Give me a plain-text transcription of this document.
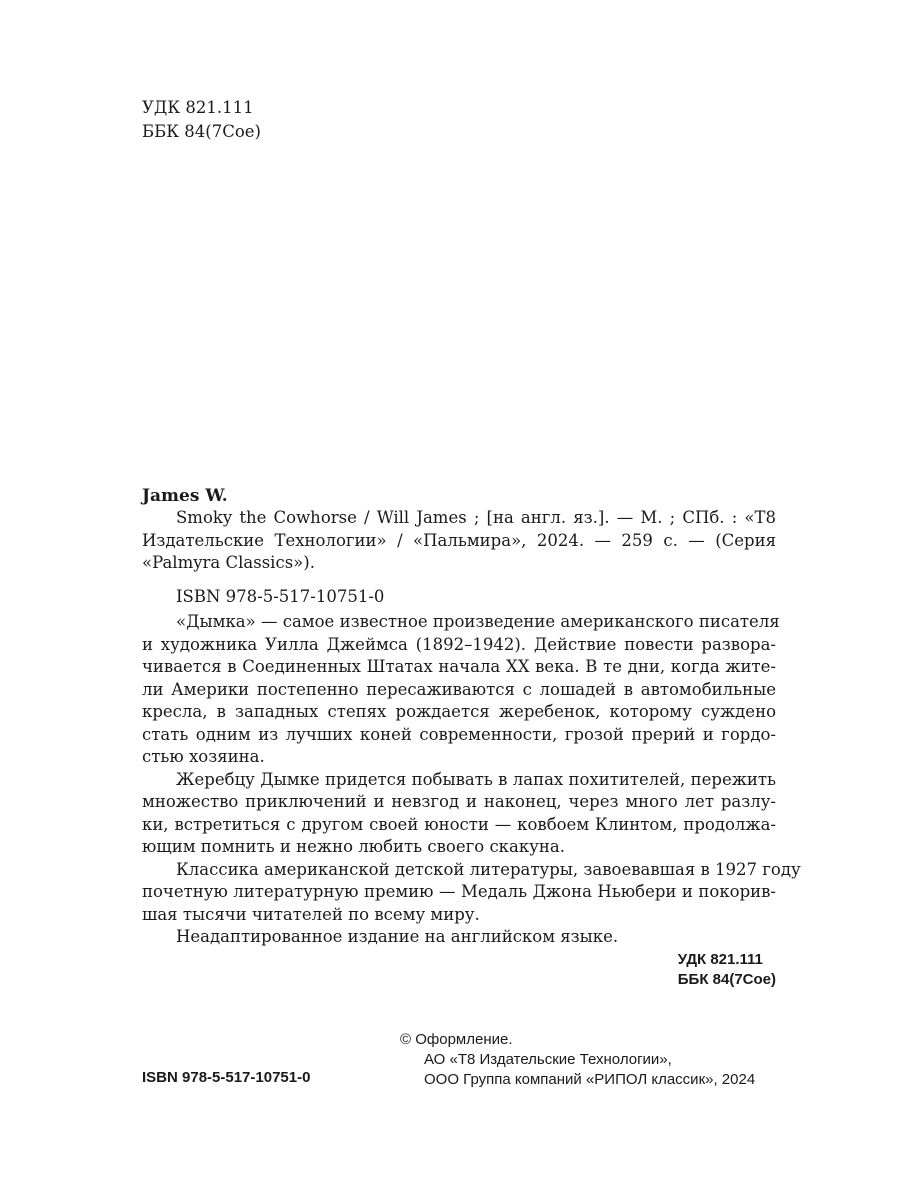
УДК 821.111
ББК 84(7Сое)
James W.
Smoky the Cowhorse / Will James ; [на англ. яз.]. — М. ; СПб. : «Т8
Издательские Технологии» / «Пальмира», 2024. — 259 с. — (Серия
«Palmyra Classics»).
ISBN 978-5-517-10751-0
«Дымка» — самое известное произведение американского писателя
и художника Уилла Джеймса (1892–1942). Действие повести развора-
чивается в Соединенных Штатах начала XX века. В те дни, когда жите-
ли Америки постепенно пересаживаются с лошадей в автомобильные
кресла, в западных степях рождается жеребенок, которому суждено
стать одним из лучших коней современности, грозой прерий и гордо-
стью хозяина.
Жеребцу Дымке придется побывать в лапах похитителей, пережить
множество приключений и невзгод и наконец, через много лет разлу-
ки, встретиться с другом своей юности — ковбоем Клинтом, продолжа-
ющим помнить и нежно любить своего скакуна.
Классика американской детской литературы, завоевавшая в 1927 году
почетную литературную премию — Медаль Джона Ньюбери и покорив-
шая тысячи читателей по всему миру.
Неадаптированное издание на английском языке.
УДК 821.111
ББК 84(7Сое)
© Оформление.
АО «Т8 Издательские Технологии»,
ООО Группа компаний «РИПОЛ классик», 2024
ISBN 978-5-517-10751-0
